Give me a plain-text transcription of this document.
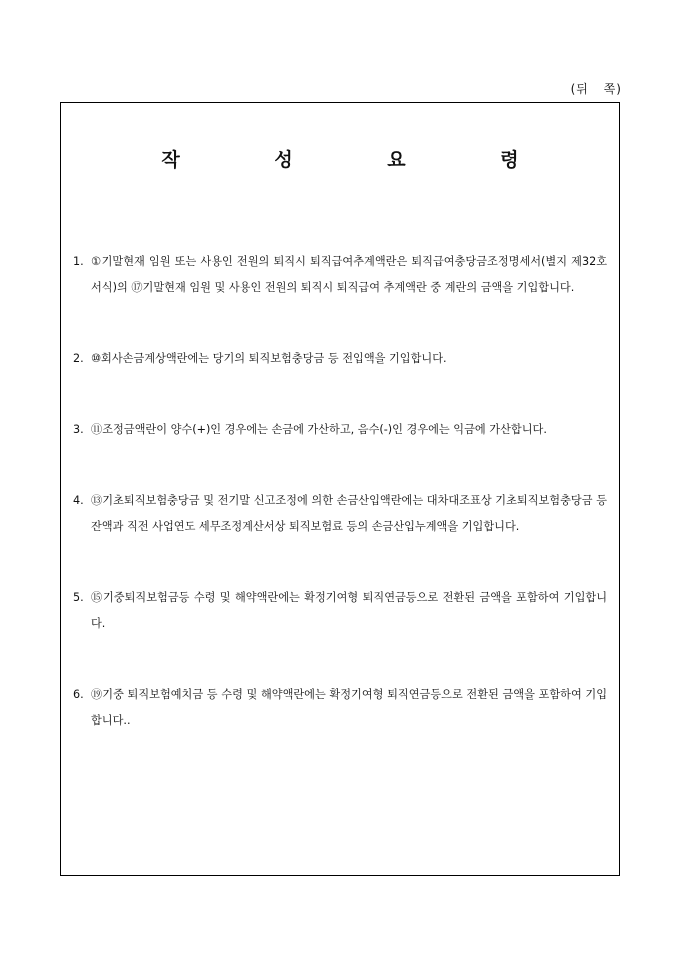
(뒤 쪽)
작 성 요 령
1. ①기말현재 임원 또는 사용인 전원의 퇴직시 퇴직급여추계액란은 퇴직급여충당금조정명세서(별지 제32호서식)의 ⑰기말현재 임원 및 사용인 전원의 퇴직시 퇴직급여 추계액란 중 계란의 금액을 기입합니다.
2. ⑩회사손금계상액란에는 당기의 퇴직보험충당금 등 전입액을 기입합니다.
3. ⑪조정금액란이 양수(+)인 경우에는 손금에 가산하고, 음수(-)인 경우에는 익금에 가산합니다.
4. ⑬기초퇴직보험충당금 및 전기말 신고조정에 의한 손금산입액란에는 대차대조표상 기초퇴직보험충당금 등 잔액과 직전 사업연도 세무조정계산서상 퇴직보험료 등의 손금산입누계액을 기입합니다.
5. ⑮기중퇴직보험금등 수령 및 해약액란에는 확정기여형 퇴직연금등으로 전환된 금액을 포함하여 기입합니다.
6. ⑲기중 퇴직보험예치금 등 수령 및 해약액란에는 확정기여형 퇴직연금등으로 전환된 금액을 포함하여 기입합니다..
